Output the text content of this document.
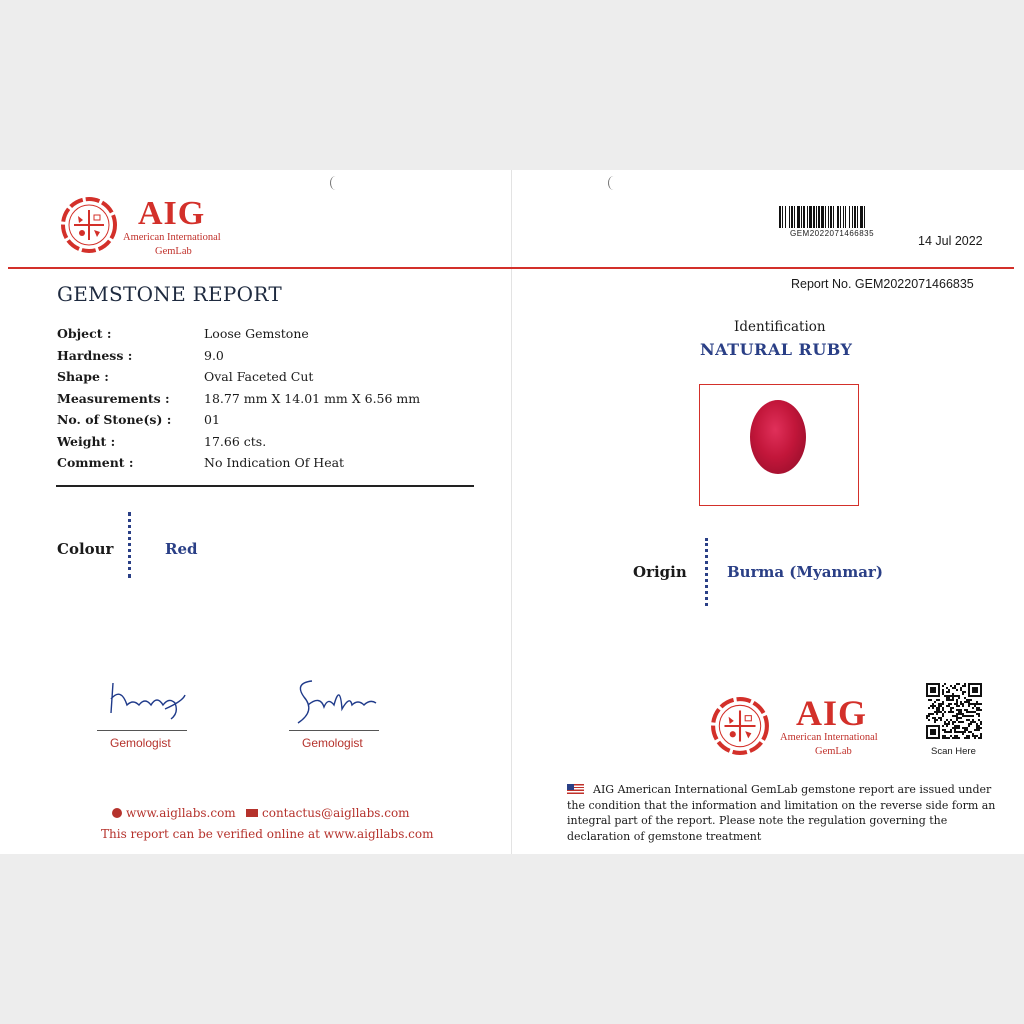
AIG
American International
GemLab
GEM2022071466835
14 Jul 2022
GEMSTONE REPORT
Object :	Loose Gemstone
Hardness :	9.0
Shape :	Oval Faceted Cut
Measurements :	18.77 mm X 14.01 mm X 6.56 mm
No. of Stone(s) :	01
Weight :	17.66 cts.
Comment :	No Indication Of Heat
Colour	Red
Gemologist	Gemologist
www.aigllabs.com	contactus@aigllabs.com
This report can be verified online at www.aigllabs.com
Report No. GEM2022071466835
Identification
NATURAL RUBY
Origin	Burma (Myanmar)
AIG
American International
GemLab	Scan Here
AIG American International GemLab gemstone report are issued under
the condition that the information and limitation on the reverse side form an
integral part of the report. Please note the regulation governing the
declaration of gemstone treatment
